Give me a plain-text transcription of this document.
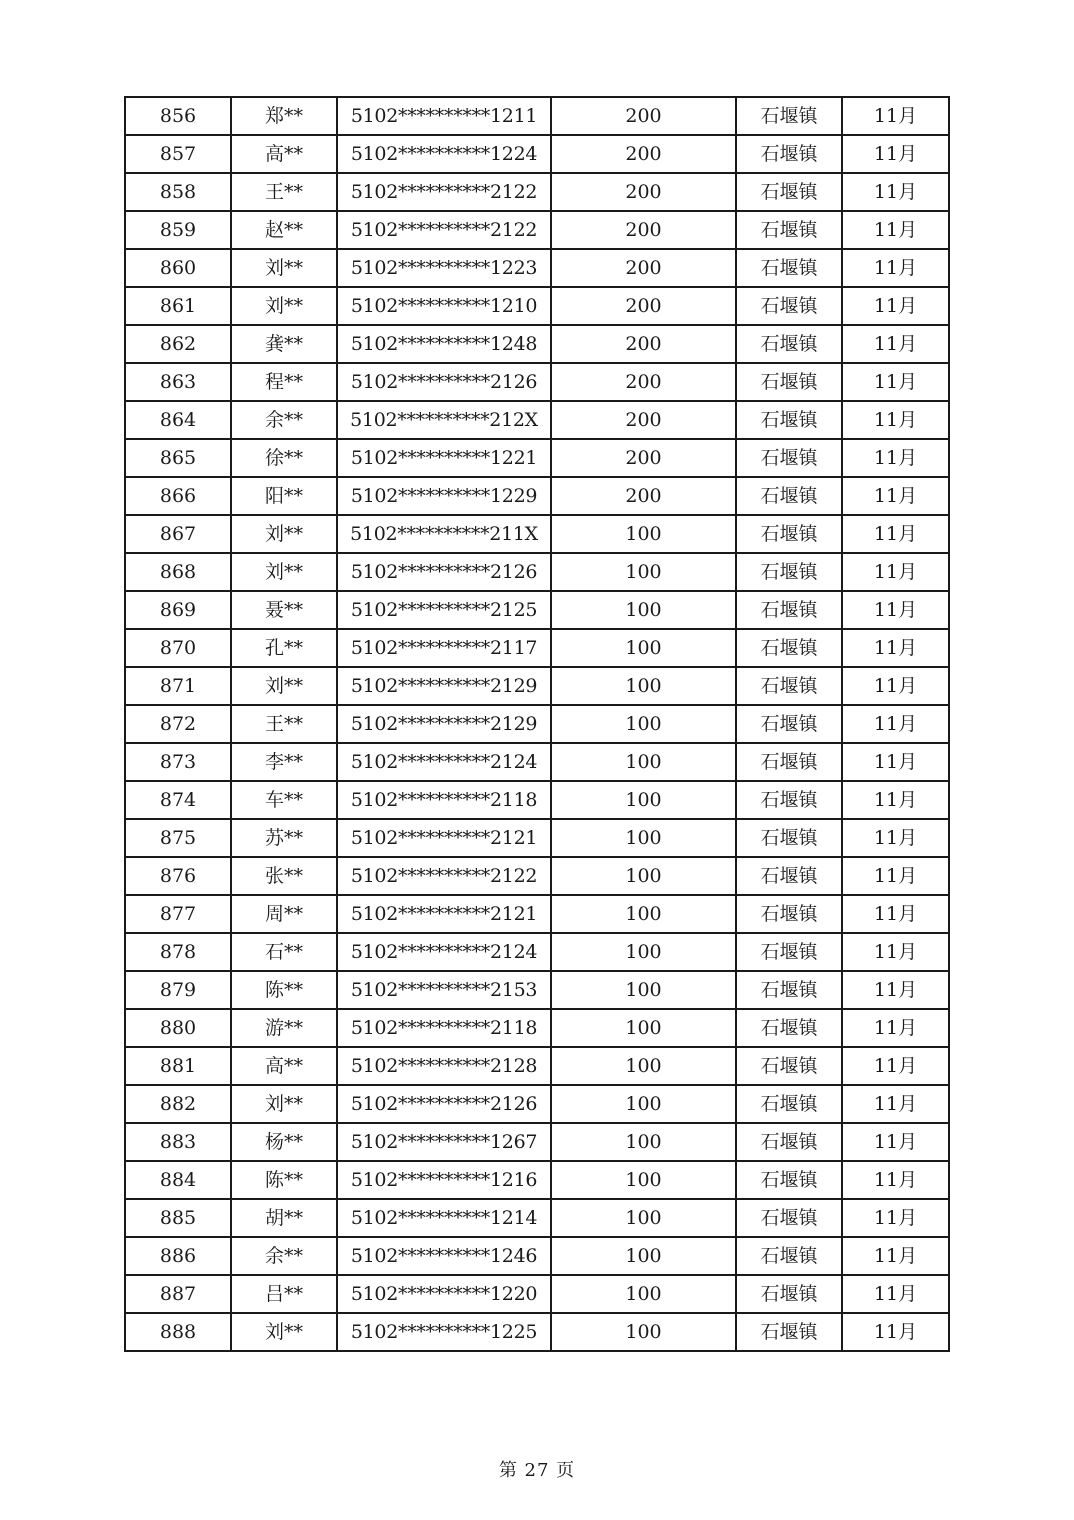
856	郑**	5102**********1211	200	石堰镇	11月
857	高**	5102**********1224	200	石堰镇	11月
858	王**	5102**********2122	200	石堰镇	11月
859	赵**	5102**********2122	200	石堰镇	11月
860	刘**	5102**********1223	200	石堰镇	11月
861	刘**	5102**********1210	200	石堰镇	11月
862	龚**	5102**********1248	200	石堰镇	11月
863	程**	5102**********2126	200	石堰镇	11月
864	余**	5102**********212X	200	石堰镇	11月
865	徐**	5102**********1221	200	石堰镇	11月
866	阳**	5102**********1229	200	石堰镇	11月
867	刘**	5102**********211X	100	石堰镇	11月
868	刘**	5102**********2126	100	石堰镇	11月
869	聂**	5102**********2125	100	石堰镇	11月
870	孔**	5102**********2117	100	石堰镇	11月
871	刘**	5102**********2129	100	石堰镇	11月
872	王**	5102**********2129	100	石堰镇	11月
873	李**	5102**********2124	100	石堰镇	11月
874	车**	5102**********2118	100	石堰镇	11月
875	苏**	5102**********2121	100	石堰镇	11月
876	张**	5102**********2122	100	石堰镇	11月
877	周**	5102**********2121	100	石堰镇	11月
878	石**	5102**********2124	100	石堰镇	11月
879	陈**	5102**********2153	100	石堰镇	11月
880	游**	5102**********2118	100	石堰镇	11月
881	高**	5102**********2128	100	石堰镇	11月
882	刘**	5102**********2126	100	石堰镇	11月
883	杨**	5102**********1267	100	石堰镇	11月
884	陈**	5102**********1216	100	石堰镇	11月
885	胡**	5102**********1214	100	石堰镇	11月
886	余**	5102**********1246	100	石堰镇	11月
887	吕**	5102**********1220	100	石堰镇	11月
888	刘**	5102**********1225	100	石堰镇	11月
第 27 页
